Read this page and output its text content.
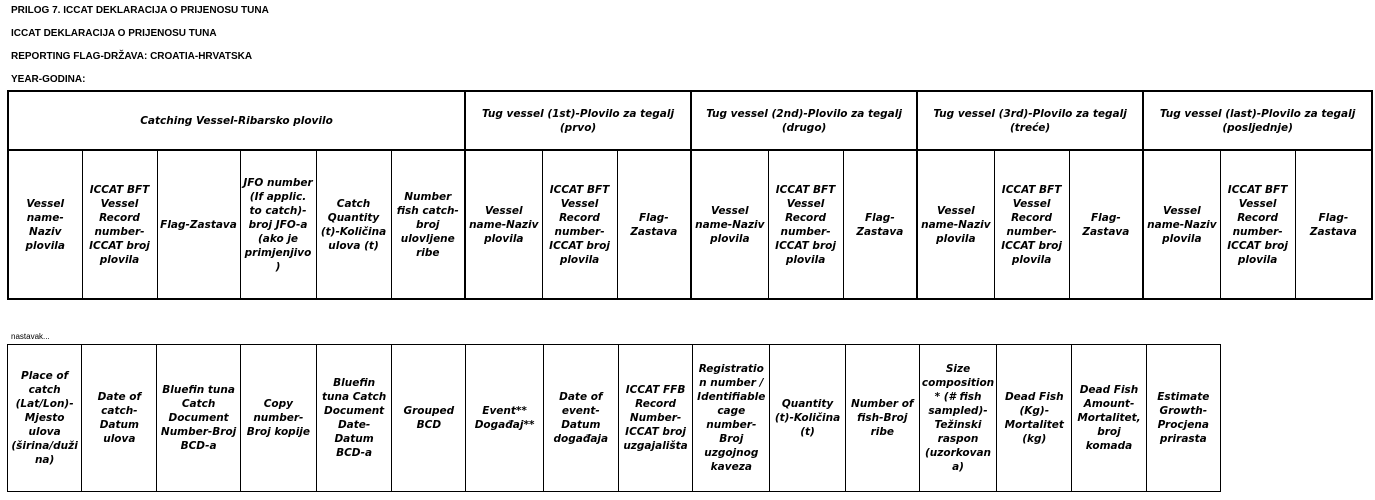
PRILOG 7. ICCAT DEKLARACIJA O PRIJENOSU TUNA
ICCAT DEKLARACIJA O PRIJENOSU TUNA
REPORTING FLAG-DRŽAVA: CROATIA-HRVATSKA
YEAR-GODINA:
Catching Vessel-Ribarsko plovilo						Tug vessel (1st)-Plovilo za tegalj (prvo)			Tug vessel (2nd)-Plovilo za tegalj (drugo)			Tug vessel (3rd)-Plovilo za tegalj (treće)			Tug vessel (last)-Plovilo za tegalj (posljednje)		
Vessel name-Naziv plovila	ICCAT BFT Vessel Record number-ICCAT broj plovila	Flag-Zastava	JFO number (If applic. to catch)-broj JFO-a (ako je primjenjivo)	Catch Quantity (t)-Količina ulova (t)	Number fish catch-broj ulovljene ribe	Vessel name-Naziv plovila	ICCAT BFT Vessel Record number-ICCAT broj plovila	Flag-Zastava	Vessel name-Naziv plovila	ICCAT BFT Vessel Record number-ICCAT broj plovila	Flag-Zastava	Vessel name-Naziv plovila	ICCAT BFT Vessel Record number-ICCAT broj plovila	Flag-Zastava	Vessel name-Naziv plovila	ICCAT BFT Vessel Record number-ICCAT broj plovila	Flag-Zastava
nastavak...
Place of catch (Lat/Lon)-Mjesto ulova (širina/dužina)	Date of catch-Datum ulova	Bluefin tuna Catch Document Number-Broj BCD-a	Copy number-Broj kopije	Bluefin tuna Catch Document Date-Datum BCD-a	Grouped BCD	Event** Događaj**	Date of event-Datum događaja	ICCAT FFB Record Number-ICCAT broj uzgajališta	Registration number / Identifiable cage number-Broj uzgojnog kaveza	Quantity (t)-Količina (t)	Number of fish-Broj ribe	Size composition* (# fish sampled)-Težinski raspon (uzorkovana)	Dead Fish (Kg)-Mortalitet (kg)	Dead Fish Amount-Mortalitet, broj komada	Estimate Growth-Procjena prirasta
